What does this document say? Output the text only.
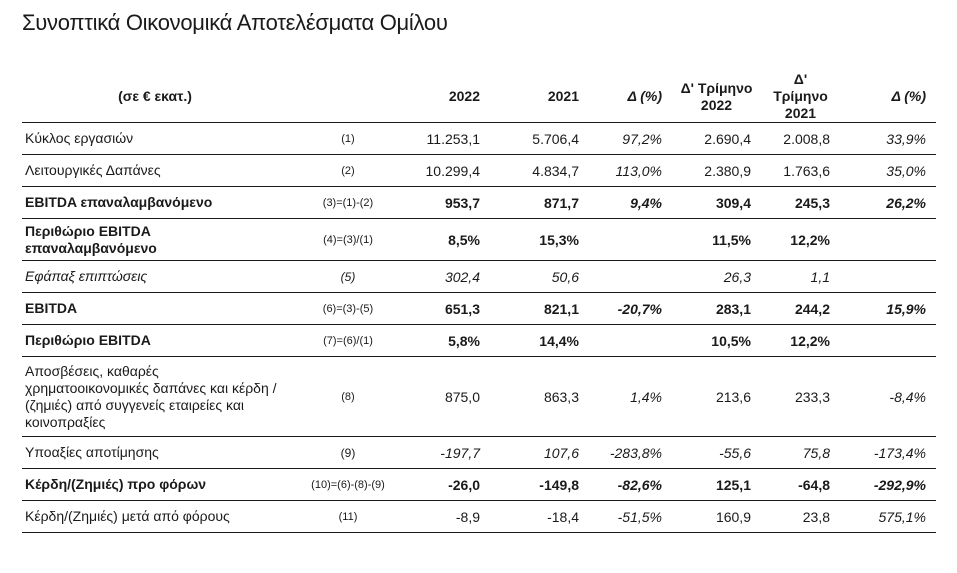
Συνοπτικά Οικονομικά Αποτελέσματα Ομίλου
(σε € εκατ.)		2022	2021	Δ (%)	Δ' Τρίμηνο 2022	Δ' Τρίμηνο 2021	Δ (%)
Κύκλος εργασιών	(1)	11.253,1	5.706,4	97,2%	2.690,4	2.008,8	33,9%
Λειτουργικές Δαπάνες	(2)	10.299,4	4.834,7	113,0%	2.380,9	1.763,6	35,0%
EBITDA επαναλαμβανόμενο	(3)=(1)-(2)	953,7	871,7	9,4%	309,4	245,3	26,2%
Περιθώριο EBITDA επαναλαμβανόμενο	(4)=(3)/(1)	8,5%	15,3%		11,5%	12,2%	
Εφάπαξ επιπτώσεις	(5)	302,4	50,6		26,3	1,1	
EBITDA	(6)=(3)-(5)	651,3	821,1	-20,7%	283,1	244,2	15,9%
Περιθώριο EBITDA	(7)=(6)/(1)	5,8%	14,4%		10,5%	12,2%	
Αποσβέσεις, καθαρές χρηματοοικονομικές δαπάνες και κέρδη / (ζημιές) από συγγενείς εταιρείες και κοινοπραξίες	(8)	875,0	863,3	1,4%	213,6	233,3	-8,4%
Υποαξίες αποτίμησης	(9)	-197,7	107,6	-283,8%	-55,6	75,8	-173,4%
Κέρδη/(Ζημιές) προ φόρων	(10)=(6)-(8)-(9)	-26,0	-149,8	-82,6%	125,1	-64,8	-292,9%
Κέρδη/(Ζημιές) μετά από φόρους	(11)	-8,9	-18,4	-51,5%	160,9	23,8	575,1%
